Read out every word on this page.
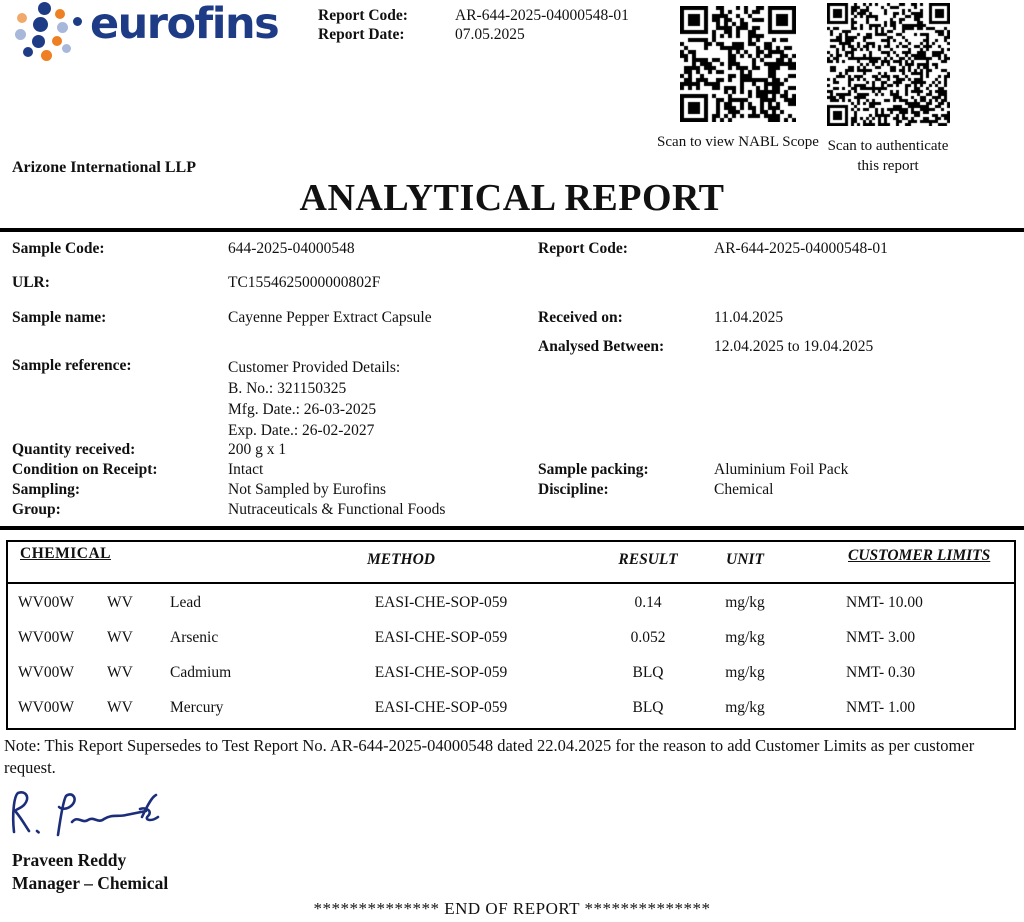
eurofins	Report Code:	AR-644-2025-04000548-01
Report Date:	07.05.2025
Scan to view NABL Scope Scan to authenticate
this report
Arizone International LLP
ANALYTICAL REPORT
Sample Code:	644-2025-04000548	Report Code:	AR-644-2025-04000548-01
ULR:	TC1554625000000802F
Sample name:	Cayenne Pepper Extract Capsule	Received on:	11.04.2025
Analysed Between:	12.04.2025 to 19.04.2025
Sample reference:	Customer Provided Details:
B. No.: 321150325
Mfg. Date.: 26-03-2025
Exp. Date.: 26-02-2027
Quantity received:	200 g x 1
Condition on Receipt:	Intact	Sample packing:	Aluminium Foil Pack
Sampling:	Not Sampled by Eurofins	Discipline:	Chemical
Group:	Nutraceuticals & Functional Foods
CHEMICAL	METHOD	RESULT	UNIT	CUSTOMER LIMITS
WV00W WV Lead	EASI-CHE-SOP-059	0.14	mg/kg	NMT- 10.00
WV00W WV Arsenic	EASI-CHE-SOP-059	0.052	mg/kg	NMT- 3.00
WV00W WV Cadmium	EASI-CHE-SOP-059	BLQ	mg/kg	NMT- 0.30
WV00W WV Mercury	EASI-CHE-SOP-059	BLQ	mg/kg	NMT- 1.00
Note: This Report Supersedes to Test Report No. AR-644-2025-04000548 dated 22.04.2025 for the reason to add Customer Limits as per customer request.
Praveen Reddy
Manager – Chemical
************** END OF REPORT **************
